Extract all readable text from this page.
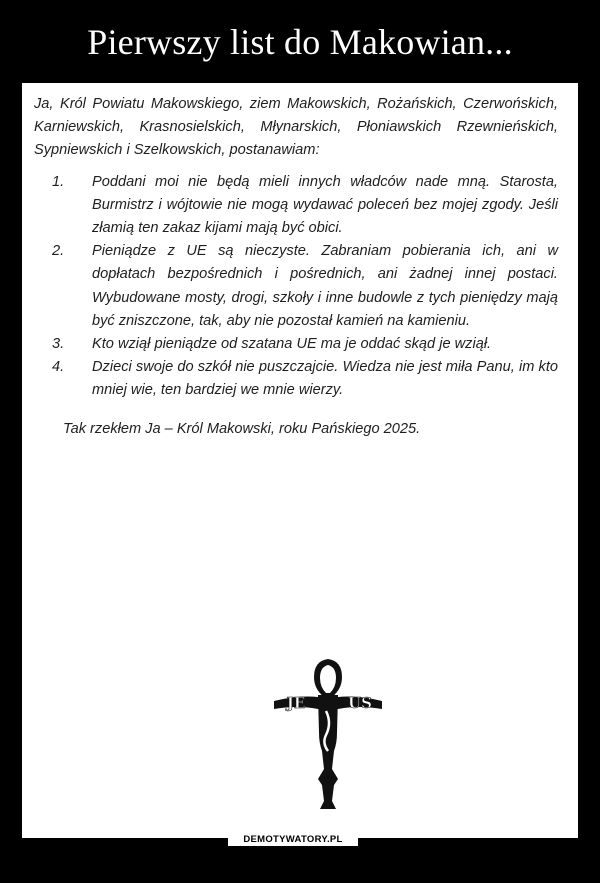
Pierwszy list do Makowian...

Ja, Król Powiatu Makowskiego, ziem Makowskich, Rożańskich, Czerwońskich, Karniewskich, Krasnosielskich, Młynarskich, Płoniawskich Rzewnieńskich, Sypniewskich i Szelkowskich, postanawiam:

1. Poddani moi nie będą mieli innych władców nade mną. Starosta, Burmistrz i wójtowie nie mogą wydawać poleceń bez mojej zgody. Jeśli złamią ten zakaz kijami mają być obici.
2. Pieniądze z UE są nieczyste. Zabraniam pobierania ich, ani w dopłatach bezpośrednich i pośrednich, ani żadnej innej postaci. Wybudowane mosty, drogi, szkoły i inne budowle z tych pieniędzy mają być zniszczone, tak, aby nie pozostał kamień na kamieniu.
3. Kto wziął pieniądze od szatana UE ma je oddać skąd je wziął.
4. Dzieci swoje do szkół nie puszczajcie. Wiedza nie jest miła Panu, im kto mniej wie, ten bardziej we mnie wierzy.
Tak rzekłem Ja – Król Makowski, roku Pańskiego 2025.
JE	US
DEMOTYWATORY.PL
